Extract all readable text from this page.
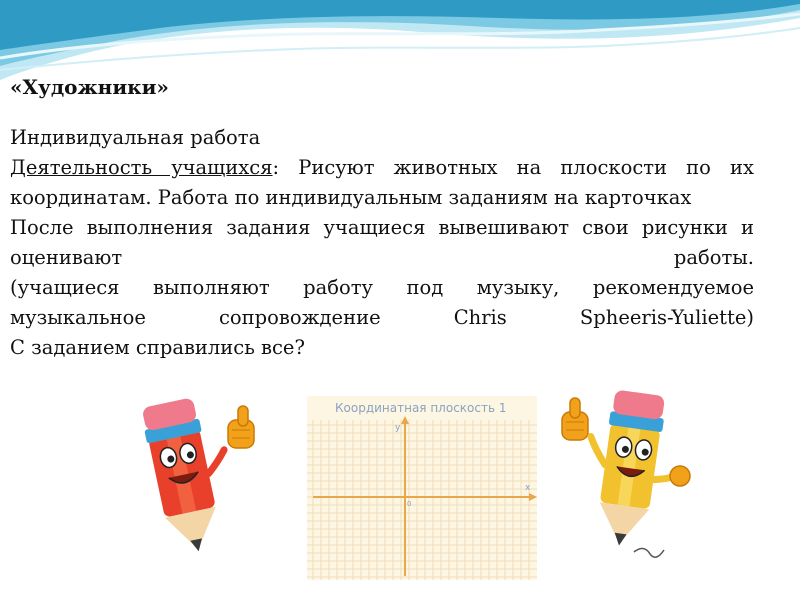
«Художники»

Индивидуальная работа

Деятельность учащихся: Рисуют животных на плоскости по их координатам. Работа по индивидуальным заданиям на карточках

После выполнения задания учащиеся вывешивают свои рисунки и оценивают работы.

(учащиеся выполняют работу под музыку, рекомендуемое музыкальное сопровождение Chris Spheeris-Yuliette)

С заданием справились все?

Координатная плоскость 1
x
y
0
